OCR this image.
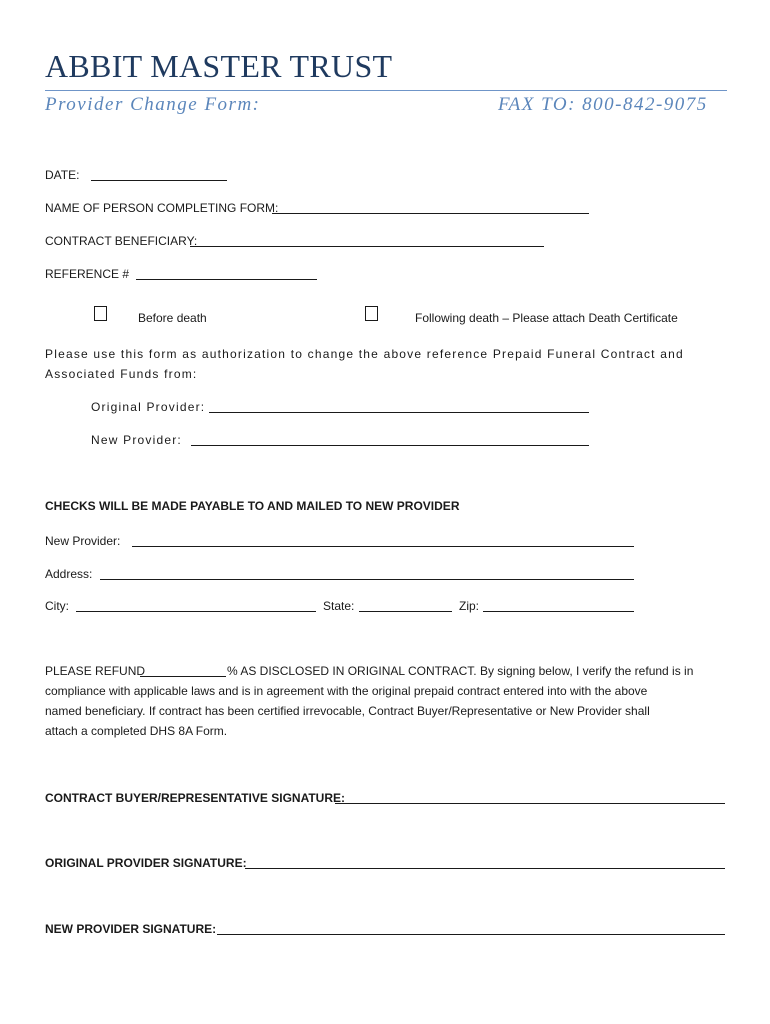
ABBIT MASTER TRUST
Provider Change Form:	FAX TO: 800-842-9075
DATE:
NAME OF PERSON COMPLETING FORM:
CONTRACT BENEFICIARY:
REFERENCE #
Before death	Following death – Please attach Death Certificate
Please use this form as authorization to change the above reference Prepaid Funeral Contract and
Associated Funds from:
Original Provider:
New Provider:
CHECKS WILL BE MADE PAYABLE TO AND MAILED TO NEW PROVIDER
New Provider:
Address:
City:	State:	Zip:
PLEASE REFUND	% AS DISCLOSED IN ORIGINAL CONTRACT. By signing below, I verify the refund is in
compliance with applicable laws and is in agreement with the original prepaid contract entered into with the above
named beneficiary. If contract has been certified irrevocable, Contract Buyer/Representative or New Provider shall
attach a completed DHS 8A Form.
CONTRACT BUYER/REPRESENTATIVE SIGNATURE:
ORIGINAL PROVIDER SIGNATURE:
NEW PROVIDER SIGNATURE:
